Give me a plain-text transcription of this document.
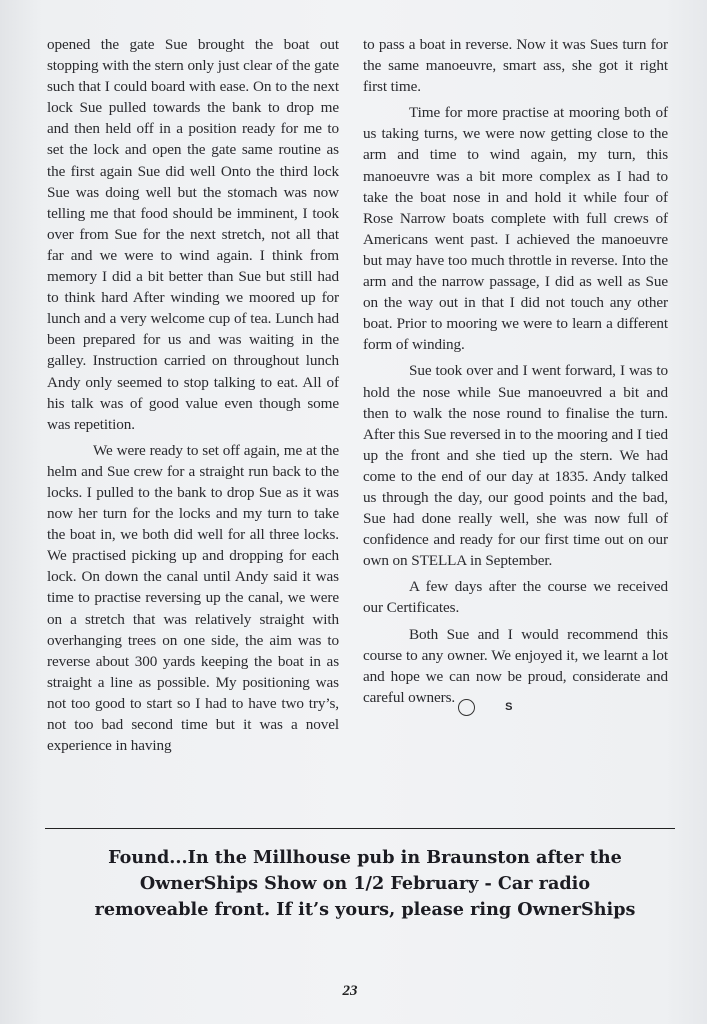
opened the gate Sue brought the boat out stopping with the stern only just clear of the gate such that I could board with ease. On to the next lock Sue pulled towards the bank to drop me and then held off in a position ready for me to set the lock and open the gate same routine as the first again Sue did well Onto the third lock Sue was doing well but the stomach was now telling me that food should be imminent, I took over from Sue for the next stretch, not all that far and we were to wind again. I think from memory I did a bit better than Sue but still had to think hard After winding we moored up for lunch and a very welcome cup of tea. Lunch had been prepared for us and was waiting in the galley. Instruction carried on throughout lunch Andy only seemed to stop talking to eat. All of his talk was of good value even though some was repetition.

We were ready to set off again, me at the helm and Sue crew for a straight run back to the locks. I pulled to the bank to drop Sue as it was now her turn for the locks and my turn to take the boat in, we both did well for all three locks. We practised picking up and dropping for each lock. On down the canal until Andy said it was time to practise reversing up the canal, we were on a stretch that was relatively straight with overhanging trees on one side, the aim was to reverse about 300 yards keeping the boat in as straight a line as possible. My positioning was not too good to start so I had to have two try’s, not too bad second time but it was a novel experience in having

to pass a boat in reverse. Now it was Sues turn for the same manoeuvre, smart ass, she got it right first time.

Time for more practise at mooring both of us taking turns, we were now getting close to the arm and time to wind again, my turn, this manoeuvre was a bit more complex as I had to take the boat nose in and hold it while four of Rose Narrow boats complete with full crews of Americans went past. I achieved the manoeuvre but may have too much throttle in reverse. Into the arm and the narrow passage, I did as well as Sue on the way out in that I did not touch any other boat. Prior to mooring we were to learn a different form of winding.

Sue took over and I went forward, I was to hold the nose while Sue manoeuvred a bit and then to walk the nose round to finalise the turn. After this Sue reversed in to the mooring and I tied up the front and she tied up the stern. We had come to the end of our day at 1835. Andy talked us through the day, our good points and the bad, Sue had done really well, she was now full of confidence and ready for our first time out on our own on STELLA in September.

A few days after the course we received our Certificates.

Both Sue and I would recommend this course to any owner. We enjoyed it, we learnt a lot and hope we can now be proud, considerate and careful owners.S

Found...In the Millhouse pub in Braunston after the
OwnerShips Show on 1/2 February - Car radio
removeable front. If it’s yours, please ring OwnerShips
23
